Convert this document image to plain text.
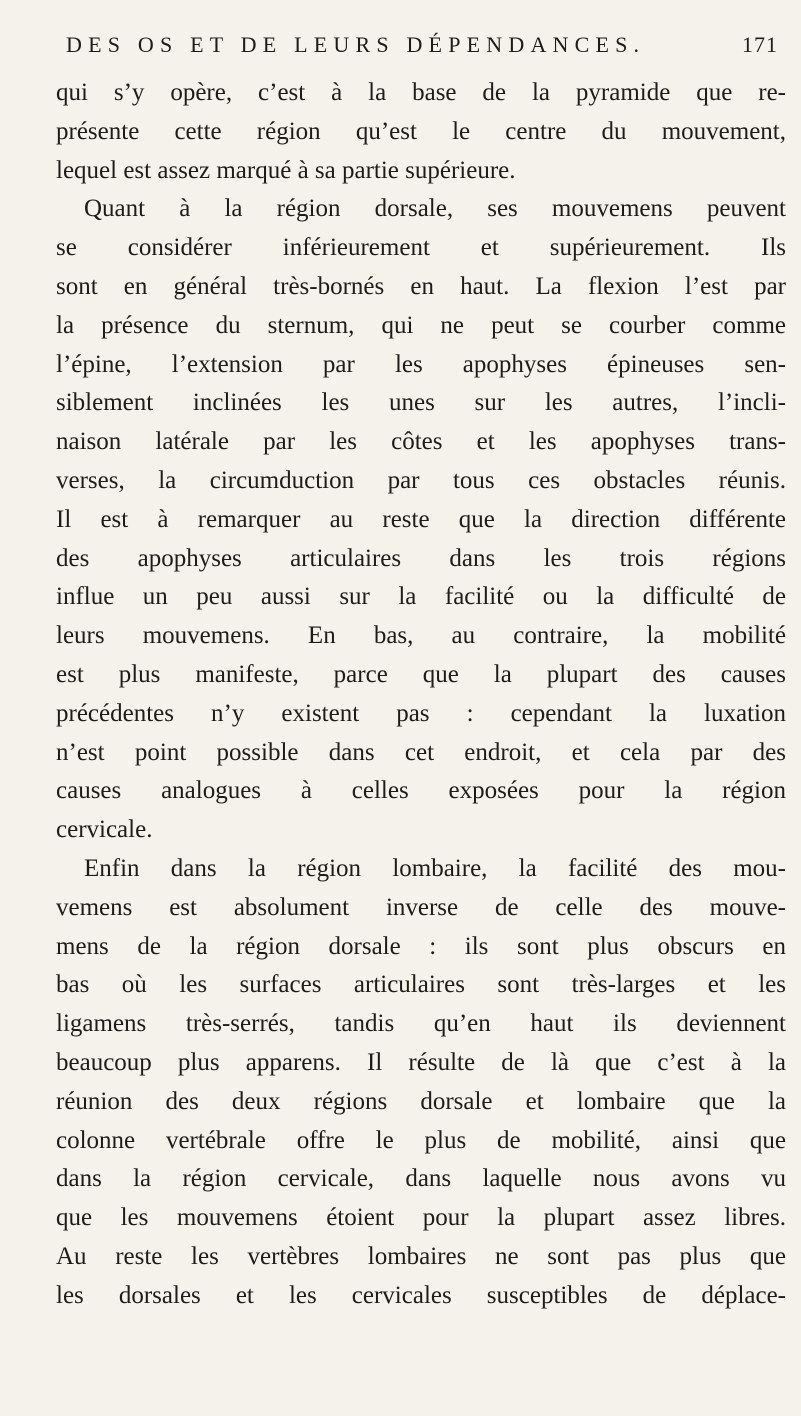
DES OS ET DE LEURS DÉPENDANCES.	171
qui s’y opère, c’est à la base de la pyramide que re-
présente cette région qu’est le centre du mouvement,
lequel est assez marqué à sa partie supérieure.
Quant à la région dorsale, ses mouvemens peuvent
se considérer inférieurement et supérieurement. Ils
sont en général très-bornés en haut. La flexion l’est par
la présence du sternum, qui ne peut se courber comme
l’épine, l’extension par les apophyses épineuses sen-
siblement inclinées les unes sur les autres, l’incli-
naison latérale par les côtes et les apophyses trans-
verses, la circumduction par tous ces obstacles réunis.
Il est à remarquer au reste que la direction différente
des apophyses articulaires dans les trois régions
influe un peu aussi sur la facilité ou la difficulté de
leurs mouvemens. En bas, au contraire, la mobilité
est plus manifeste, parce que la plupart des causes
précédentes n’y existent pas : cependant la luxation
n’est point possible dans cet endroit, et cela par des
causes analogues à celles exposées pour la région
cervicale.
Enfin dans la région lombaire, la facilité des mou-
vemens est absolument inverse de celle des mouve-
mens de la région dorsale : ils sont plus obscurs en
bas où les surfaces articulaires sont très-larges et les
ligamens très-serrés, tandis qu’en haut ils deviennent
beaucoup plus apparens. Il résulte de là que c’est à la
réunion des deux régions dorsale et lombaire que la
colonne vertébrale offre le plus de mobilité, ainsi que
dans la région cervicale, dans laquelle nous avons vu
que les mouvemens étoient pour la plupart assez libres.
Au reste les vertèbres lombaires ne sont pas plus que
les dorsales et les cervicales susceptibles de déplace-
